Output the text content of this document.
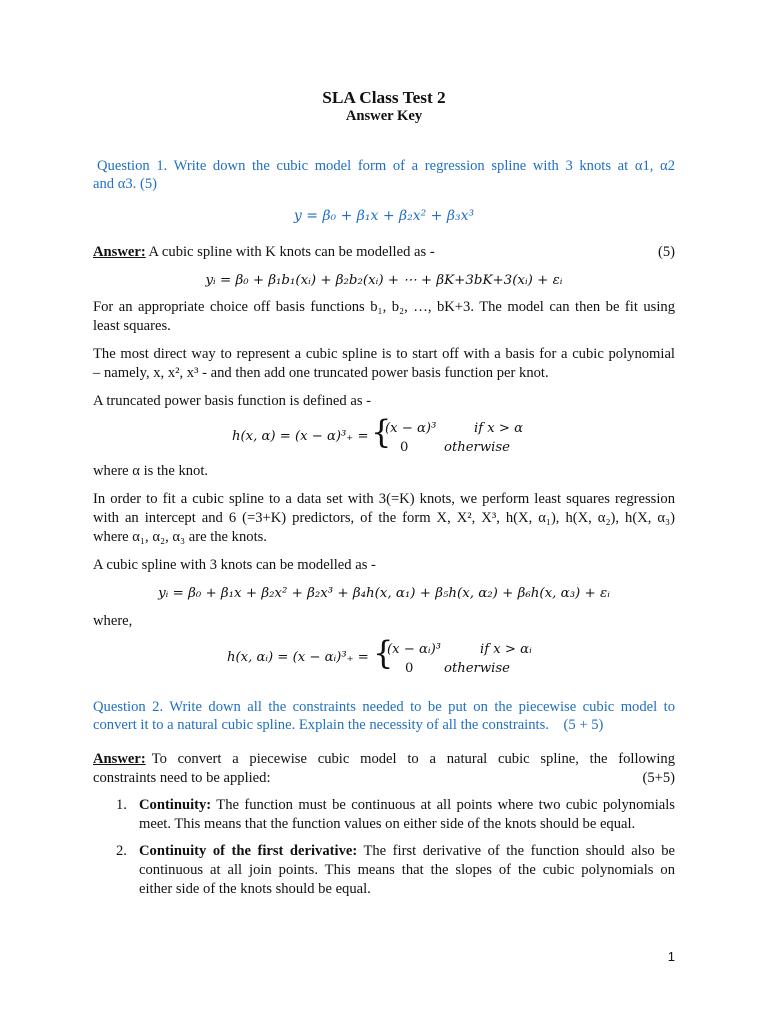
SLA Class Test 2
Answer Key
Question 1. Write down the cubic model form of a regression spline with 3 knots at α1, α2
and α3. (5)
y = β₀ + β₁x + β₂x² + β₃x³
Answer: A cubic spline with K knots can be modelled as -	(5)
yᵢ = β₀ + β₁b₁(xᵢ) + β₂b₂(xᵢ) + ⋯ + βK+3bK+3(xᵢ) + εᵢ
For an appropriate choice off basis functions b₁, b₂, …, bK+3. The model can then be fit using
least squares.
The most direct way to represent a cubic spline is to start off with a basis for a cubic polynomial
– namely, x, x², x³ - and then add one truncated power basis function per knot.
A truncated power basis function is defined as -
h(x, α) = (x − α)³₊ = {
(x − α)³	if x > α
0	otherwise
where α is the knot.
In order to fit a cubic spline to a data set with 3(=K) knots, we perform least squares regression
with an intercept and 6 (=3+K) predictors, of the form X, X², X³, h(X, α₁), h(X, α₂), h(X, α₃)
where α₁, α₂, α₃ are the knots.
A cubic spline with 3 knots can be modelled as -
yᵢ = β₀ + β₁x + β₂x² + β₂x³ + β₄h(x, α₁) + β₅h(x, α₂) + β₆h(x, α₃) + εᵢ
where,
h(x, αᵢ) = (x − αᵢ)³₊ = {
(x − αᵢ)³	if x > αᵢ
0 otherwise
Question 2. Write down all the constraints needed to be put on the piecewise cubic model to
convert it to a natural cubic spline. Explain the necessity of all the constraints.    (5 + 5)
Answer: To convert a piecewise cubic model to a natural cubic spline, the following
constraints need to be applied:	(5+5)
1. Continuity: The function must be continuous at all points where two cubic polynomials
meet. This means that the function values on either side of the knots should be equal.
2. Continuity of the first derivative: The first derivative of the function should also be
continuous at all join points. This means that the slopes of the cubic polynomials on
either side of the knots should be equal.
1
